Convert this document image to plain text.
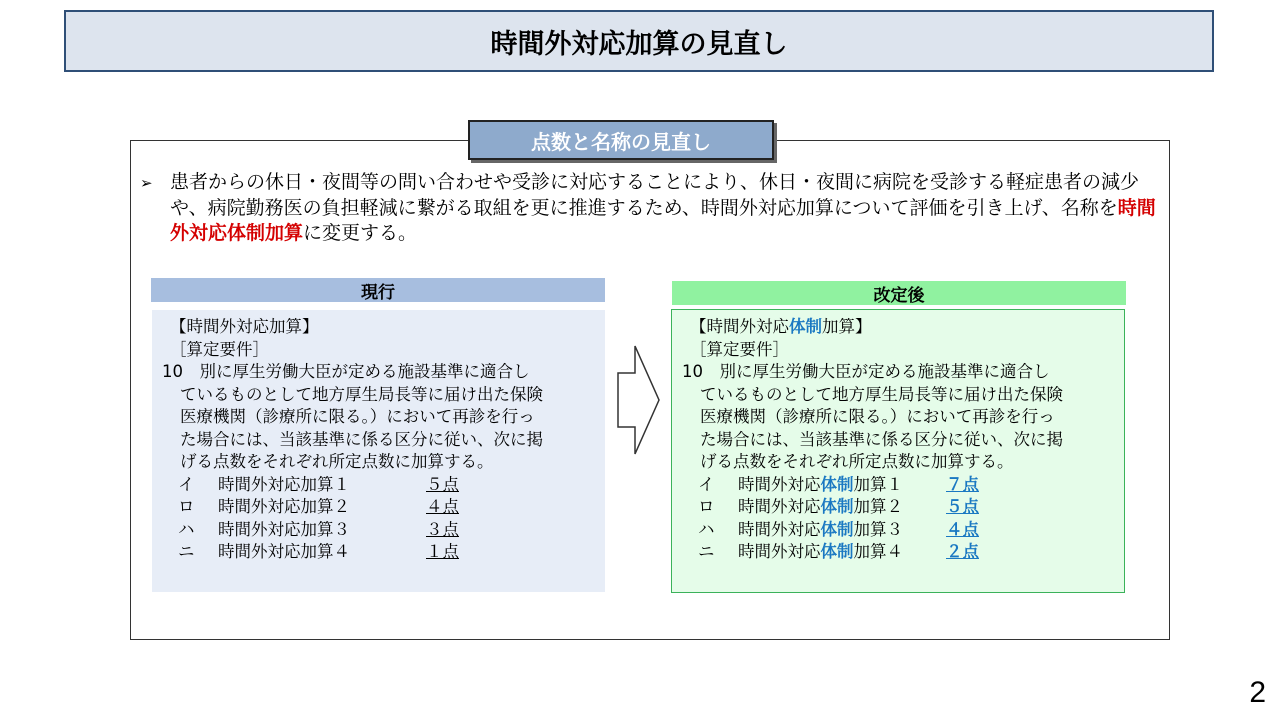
時間外対応加算の見直し
点数と名称の見直し
➢ 患者からの休日・夜間等の問い合わせや受診に対応することにより、休日・夜間に病院を受診する軽症患者の減少や、病院勤務医の負担軽減に繋がる取組を更に推進するため、時間外対応加算について評価を引き上げ、名称を時間外対応体制加算に変更する。
現行
【時間外対応加算】
［算定要件］
10　別に厚生労働大臣が定める施設基準に適合し
ているものとして地方厚生局長等に届け出た保険
医療機関（診療所に限る。）において再診を行っ
た場合には、当該基準に係る区分に従い、次に掲
げる点数をそれぞれ所定点数に加算する。
イ	時間外対応加算１	５点
ロ	時間外対応加算２	４点
ハ	時間外対応加算３	３点
ニ	時間外対応加算４	１点
改定後
【時間外対応体制加算】
［算定要件］
10　別に厚生労働大臣が定める施設基準に適合し
ているものとして地方厚生局長等に届け出た保険
医療機関（診療所に限る。）において再診を行っ
た場合には、当該基準に係る区分に従い、次に掲
げる点数をそれぞれ所定点数に加算する。
イ	時間外対応体制加算１	７点
ロ	時間外対応体制加算２	５点
ハ	時間外対応体制加算３	４点
ニ	時間外対応体制加算４	２点
2
